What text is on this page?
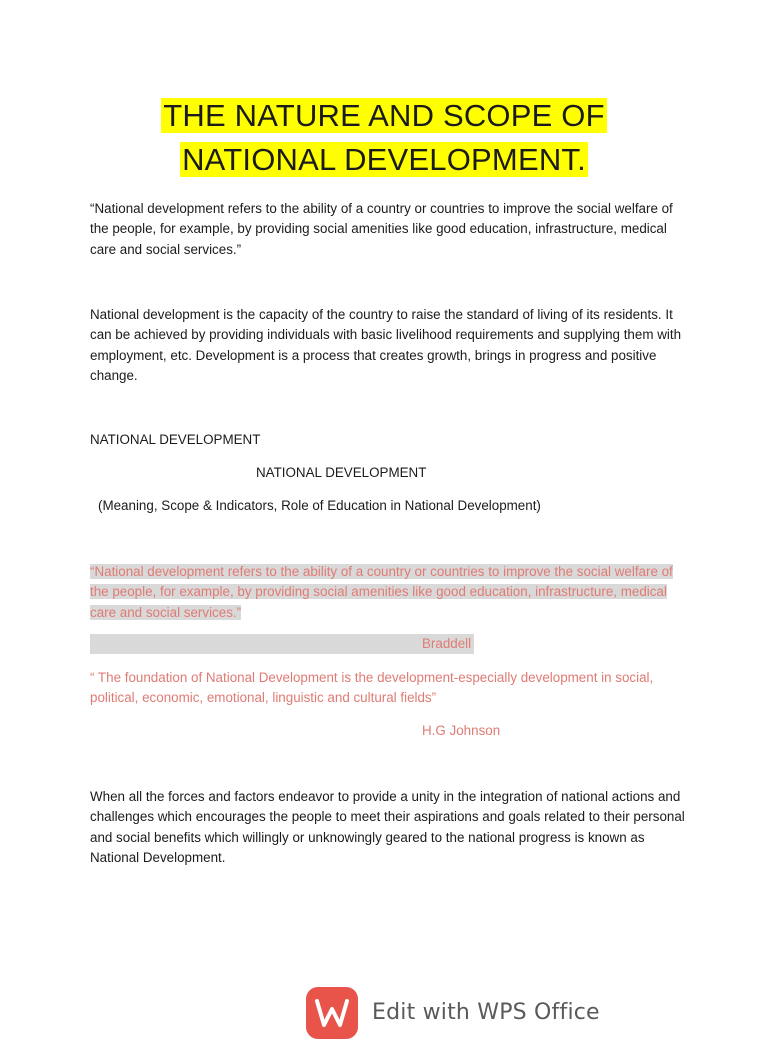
THE NATURE AND SCOPE OF
NATIONAL DEVELOPMENT.

“National development refers to the ability of a country or countries to improve the social welfare of the people, for example, by providing social amenities like good education, infrastructure, medical care and social services.”

National development is the capacity of the country to raise the standard of living of its residents. It can be achieved by providing individuals with basic livelihood requirements and supplying them with employment, etc. Development is a process that creates growth, brings in progress and positive change.

NATIONAL DEVELOPMENT
NATIONAL DEVELOPMENT
(Meaning, Scope & Indicators, Role of Education in National Development)

“National development refers to the ability of a country or countries to improve the social welfare of the people, for example, by providing social amenities like good education, infrastructure, medical care and social services.”

Braddell

“ The foundation of National Development is the development-especially development in social, political, economic, emotional, linguistic and cultural fields”

H.G Johnson

When all the forces and factors endeavor to provide a unity in the integration of national actions and challenges which encourages the people to meet their aspirations and goals related to their personal and social benefits which willingly or unknowingly geared to the national progress is known as National Development.

Edit with WPS Office
